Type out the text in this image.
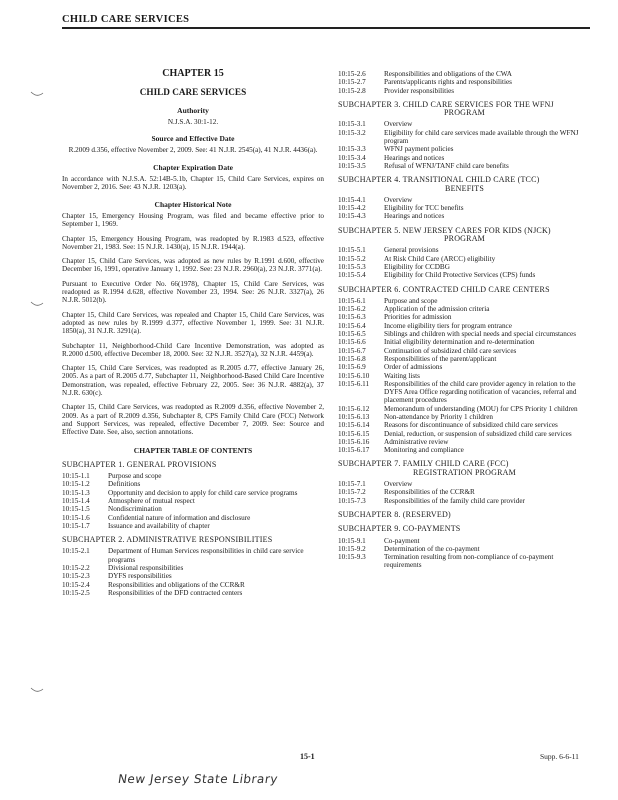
CHILD CARE SERVICES
CHAPTER 15
CHILD CARE SERVICES
Authority
N.J.S.A. 30:1-12.
Source and Effective Date

R.2009 d.356, effective November 2, 2009. See: 41 N.J.R. 2545(a), 41 N.J.R. 4436(a).

Chapter Expiration Date

In accordance with N.J.S.A. 52:14B-5.1b, Chapter 15, Child Care Services, expires on November 2, 2016. See: 43 N.J.R. 1203(a).

Chapter Historical Note

Chapter 15, Emergency Housing Program, was filed and became effective prior to September 1, 1969.

Chapter 15, Emergency Housing Program, was readopted by R.1983 d.523, effective November 21, 1983. See: 15 N.J.R. 1430(a), 15 N.J.R. 1944(a).

Chapter 15, Child Care Services, was adopted as new rules by R.1991 d.600, effective December 16, 1991, operative January 1, 1992. See: 23 N.J.R. 2960(a), 23 N.J.R. 3771(a).

Pursuant to Executive Order No. 66(1978), Chapter 15, Child Care Services, was readopted as R.1994 d.628, effective November 23, 1994. See: 26 N.J.R. 3327(a), 26 N.J.R. 5012(b).

Chapter 15, Child Care Services, was repealed and Chapter 15, Child Care Services, was adopted as new rules by R.1999 d.377, effective November 1, 1999. See: 31 N.J.R. 1850(a), 31 N.J.R. 3291(a).

Subchapter 11, Neighborhood-Child Care Incentive Demonstration, was adopted as R.2000 d.500, effective December 18, 2000. See: 32 N.J.R. 3527(a), 32 N.J.R. 4459(a).

Chapter 15, Child Care Services, was readopted as R.2005 d.77, effective January 26, 2005. As a part of R.2005 d.77, Subchapter 11, Neighborhood-Based Child Care Incentive Demonstration, was repealed, effective February 22, 2005. See: 36 N.J.R. 4882(a), 37 N.J.R. 630(c).

Chapter 15, Child Care Services, was readopted as R.2009 d.356, effective November 2, 2009. As a part of R.2009 d.356, Subchapter 8, CPS Family Child Care (FCC) Network and Support Services, was repealed, effective December 7, 2009. See: Source and Effective Date. See, also, section annotations.

CHAPTER TABLE OF CONTENTS
SUBCHAPTER 1. GENERAL PROVISIONS
10:15-1.1	Purpose and scope
10:15-1.2	Definitions
10:15-1.3	Opportunity and decision to apply for child care service programs
10:15-1.4	Atmosphere of mutual respect
10:15-1.5	Nondiscrimination
10:15-1.6	Confidential nature of information and disclosure
10:15-1.7	Issuance and availability of chapter
SUBCHAPTER 2. ADMINISTRATIVE RESPONSIBILITIES
10:15-2.1	Department of Human Services responsibilities in child care service programs
10:15-2.2	Divisional responsibilities
10:15-2.3	DYFS responsibilities
10:15-2.4	Responsibilities and obligations of the CCR&R
10:15-2.5	Responsibilities of the DFD contracted centers
10:15-2.6	Responsibilities and obligations of the CWA
10:15-2.7	Parents/applicants rights and responsibilities
10:15-2.8	Provider responsibilities
SUBCHAPTER 3. CHILD CARE SERVICES FOR THE WFNJ
PROGRAM
10:15-3.1	Overview
10:15-3.2	Eligibility for child care services made available through the WFNJ program
10:15-3.3	WFNJ payment policies
10:15-3.4	Hearings and notices
10:15-3.5	Refusal of WFNJ/TANF child care benefits
SUBCHAPTER 4. TRANSITIONAL CHILD CARE (TCC)
BENEFITS
10:15-4.1	Overview
10:15-4.2	Eligibility for TCC benefits
10:15-4.3	Hearings and notices
SUBCHAPTER 5. NEW JERSEY CARES FOR KIDS (NJCK)
PROGRAM
10:15-5.1	General provisions
10:15-5.2	At Risk Child Care (ARCC) eligibility
10:15-5.3	Eligibility for CCDBG
10:15-5.4	Eligibility for Child Protective Services (CPS) funds
SUBCHAPTER 6. CONTRACTED CHILD CARE CENTERS
10:15-6.1	Purpose and scope
10:15-6.2	Application of the admission criteria
10:15-6.3	Priorities for admission
10:15-6.4	Income eligibility tiers for program entrance
10:15-6.5	Siblings and children with special needs and special circumstances
10:15-6.6	Initial eligibility determination and re-determination
10:15-6.7	Continuation of subsidized child care services
10:15-6.8	Responsibilities of the parent/applicant
10:15-6.9	Order of admissions
10:15-6.10	Waiting lists
10:15-6.11	Responsibilities of the child care provider agency in relation to the DYFS Area Office regarding notification of vacancies, referral and placement procedures
10:15-6.12	Memorandum of understanding (MOU) for CPS Priority 1 children
10:15-6.13	Non-attendance by Priority 1 children
10:15-6.14	Reasons for discontinuance of subsidized child care services
10:15-6.15	Denial, reduction, or suspension of subsidized child care services
10:15-6.16	Administrative review
10:15-6.17	Monitoring and compliance
SUBCHAPTER 7. FAMILY CHILD CARE (FCC)
REGISTRATION PROGRAM
10:15-7.1	Overview
10:15-7.2	Responsibilities of the CCR&R
10:15-7.3	Responsibilities of the family child care provider
SUBCHAPTER 8. (RESERVED)
SUBCHAPTER 9. CO-PAYMENTS
10:15-9.1	Co-payment
10:15-9.2	Determination of the co-payment
10:15-9.3	Termination resulting from non-compliance of co-payment requirements
15-1	Supp. 6-6-11
New Jersey State Library
